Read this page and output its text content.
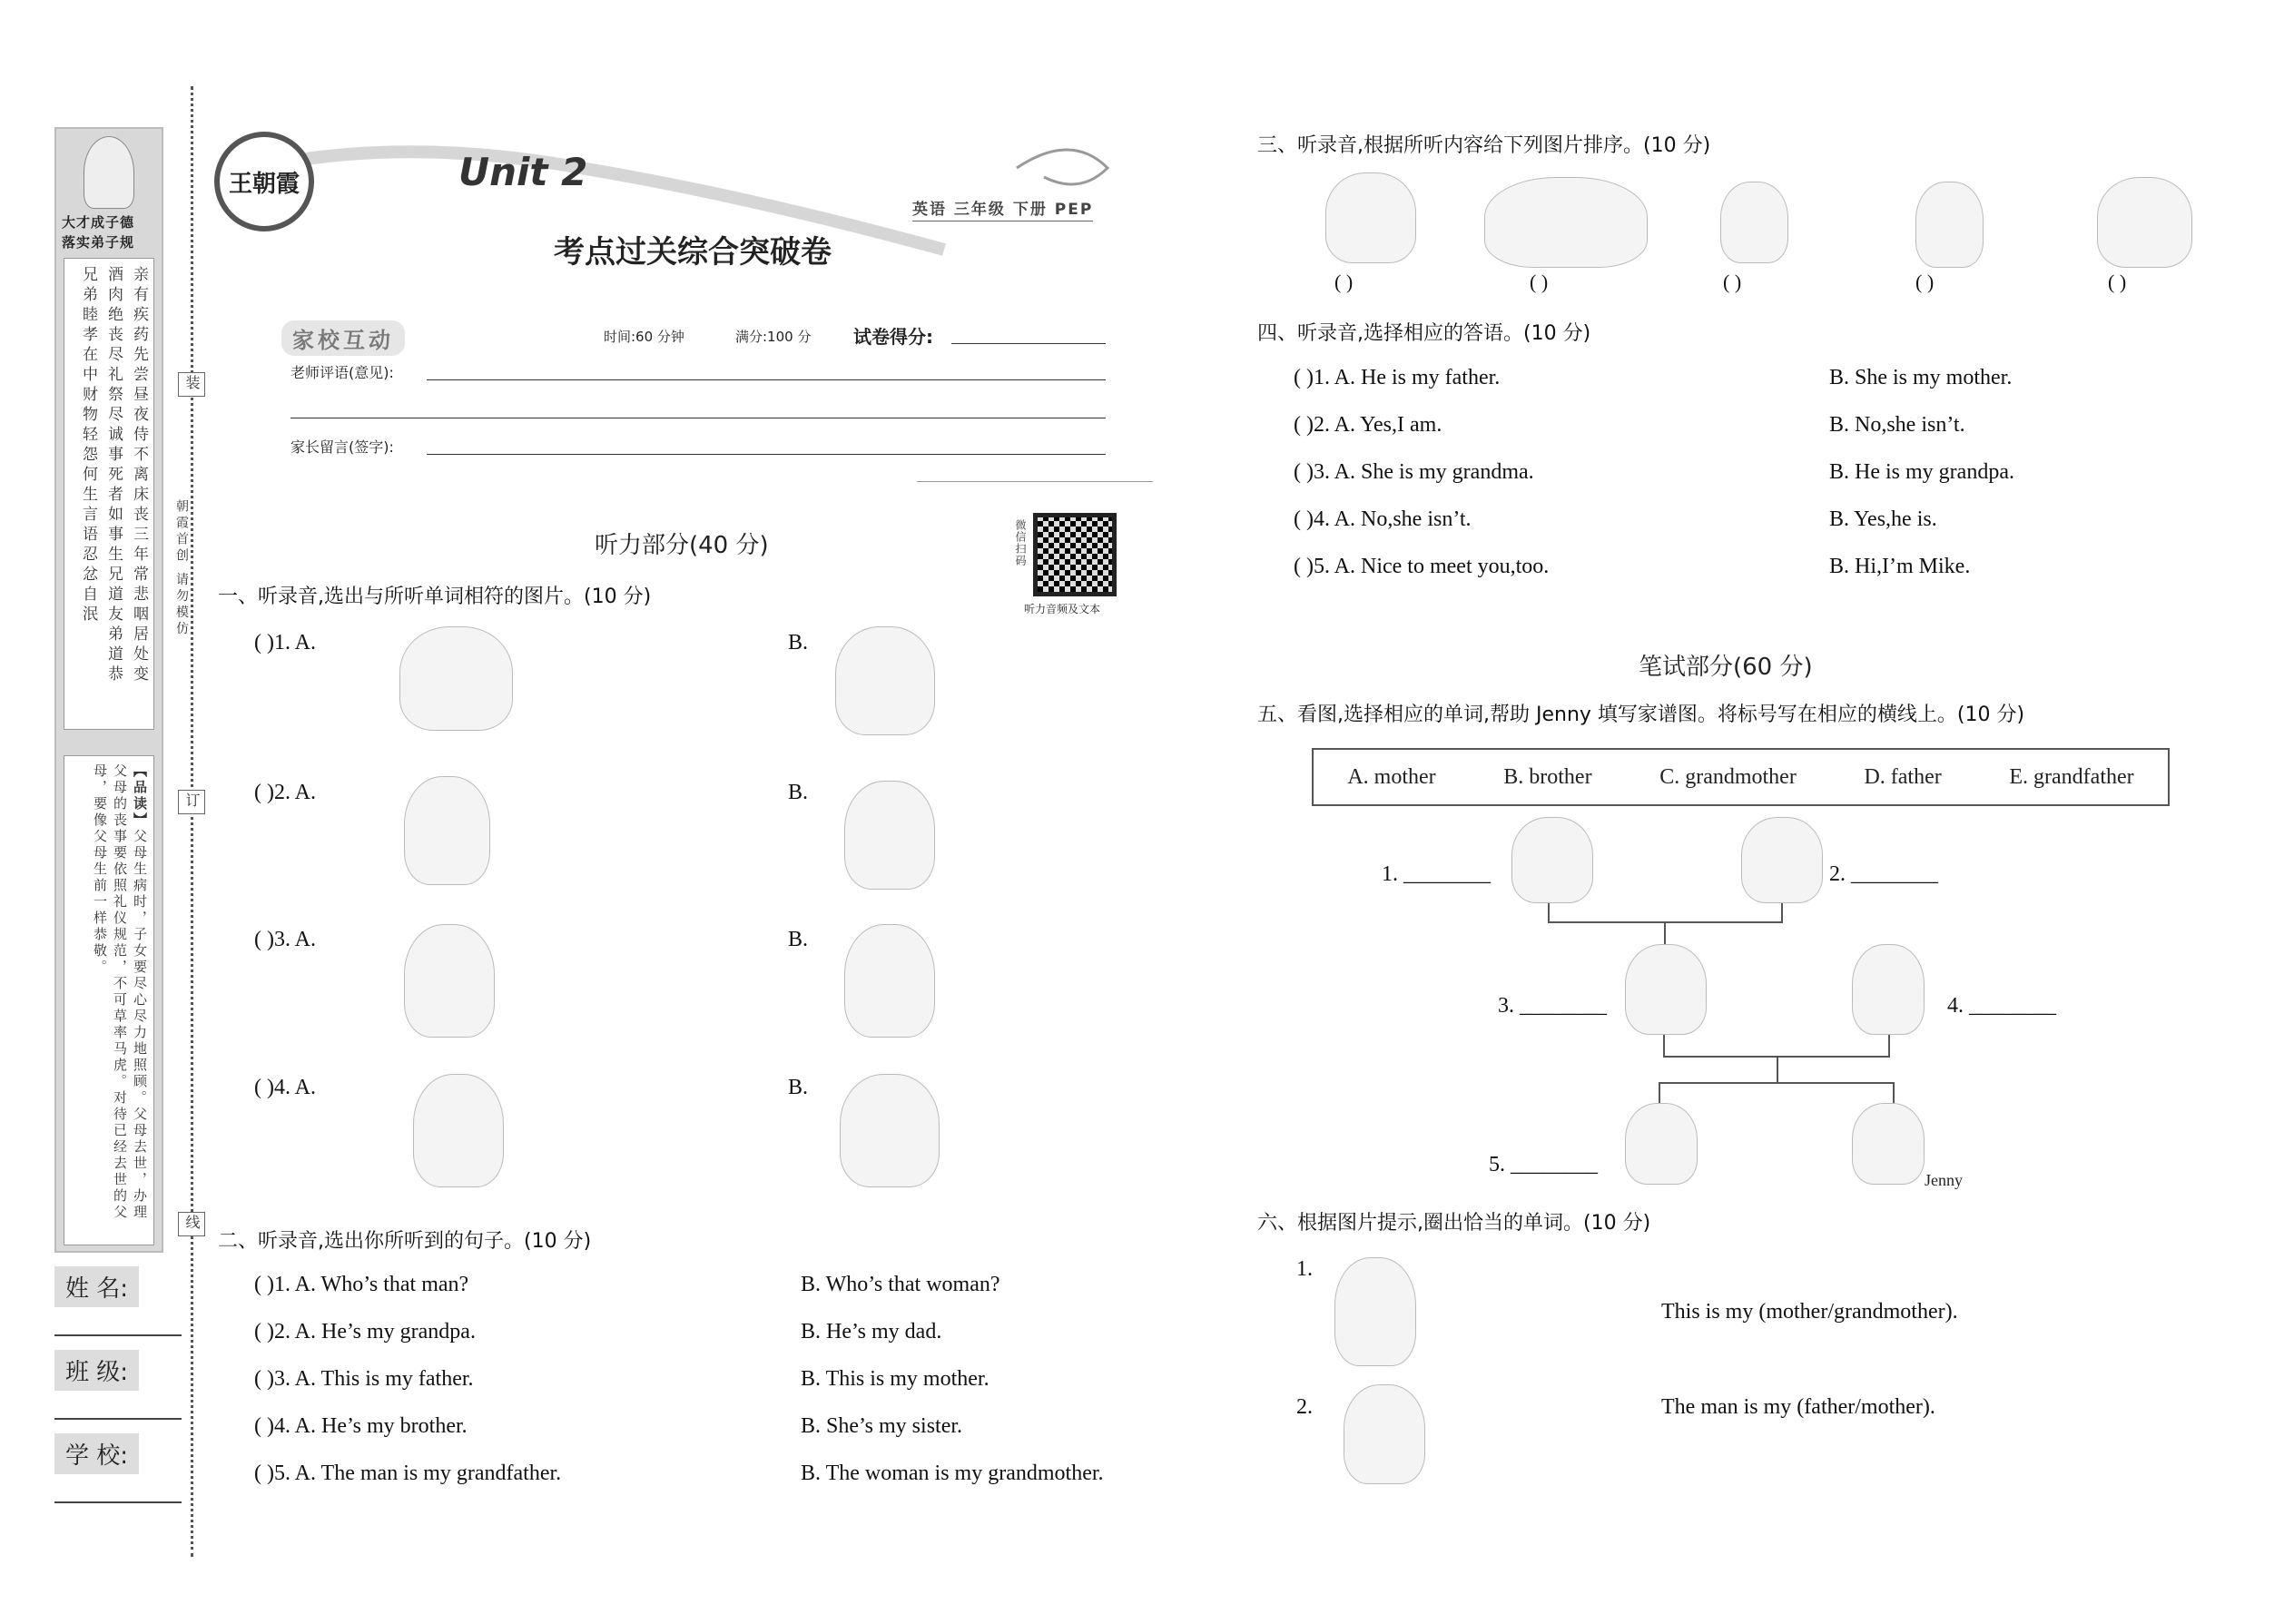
大才成子德
落实弟子规
亲有疾药先尝昼夜侍不离床丧三年常悲咽居处变
酒肉绝丧尽礼祭尽诚事死者如事生兄道友弟道恭
兄弟睦孝在中财物轻怨何生言语忍忿自泯
【品读】父母生病时，子女要尽心尽力地照顾。父母去世，办理父母的丧事要依照礼仪规范，不可草率马虎。对待已经去世的父母，要像父母生前一样恭敬。
装
订
线
朝霞首创 请勿模仿
姓 名:
班 级:
学 校:
王朝霞	Unit 2
考点过关综合突破卷
英语 三年级 下册 PEP
家校互动	时间:60 分钟	满分:100 分 试卷得分:
老师评语(意见):
家长留言(签字):
听力部分(40 分)	微信扫码
听力音频及文本
一、听录音,选出与所听单词相符的图片。(10 分)
( )1. A.	B.
( )2. A.	B.
( )3. A.	B.
( )4. A.	B.
二、听录音,选出你所听到的句子。(10 分)
( )1. A. Who’s that man?	B. Who’s that woman?
( )2. A. He’s my grandpa.	B. He’s my dad.
( )3. A. This is my father.	B. This is my mother.
( )4. A. He’s my brother.	B. She’s my sister.
( )5. A. The man is my grandfather.	B. The woman is my grandmother.
三、听录音,根据所听内容给下列图片排序。(10 分)
( )	( )	( )	( )	( )
四、听录音,选择相应的答语。(10 分)
( )1. A. He is my father.	B. She is my mother.
( )2. A. Yes,I am.	B. No,she isn’t.
( )3. A. She is my grandma.	B. He is my grandpa.
( )4. A. No,she isn’t.	B. Yes,he is.
( )5. A. Nice to meet you,too.	B. Hi,I’m Mike.
笔试部分(60 分)
五、看图,选择相应的单词,帮助 Jenny 填写家谱图。将标号写在相应的横线上。(10 分)
A. mother	B. brother	C. grandmother	D. father	E. grandfather
1. ________	2. ________
3. ________	4. ________
5. ________
Jenny
六、根据图片提示,圈出恰当的单词。(10 分)
1.
This is my (mother/grandmother).
2.	The man is my (father/mother).
